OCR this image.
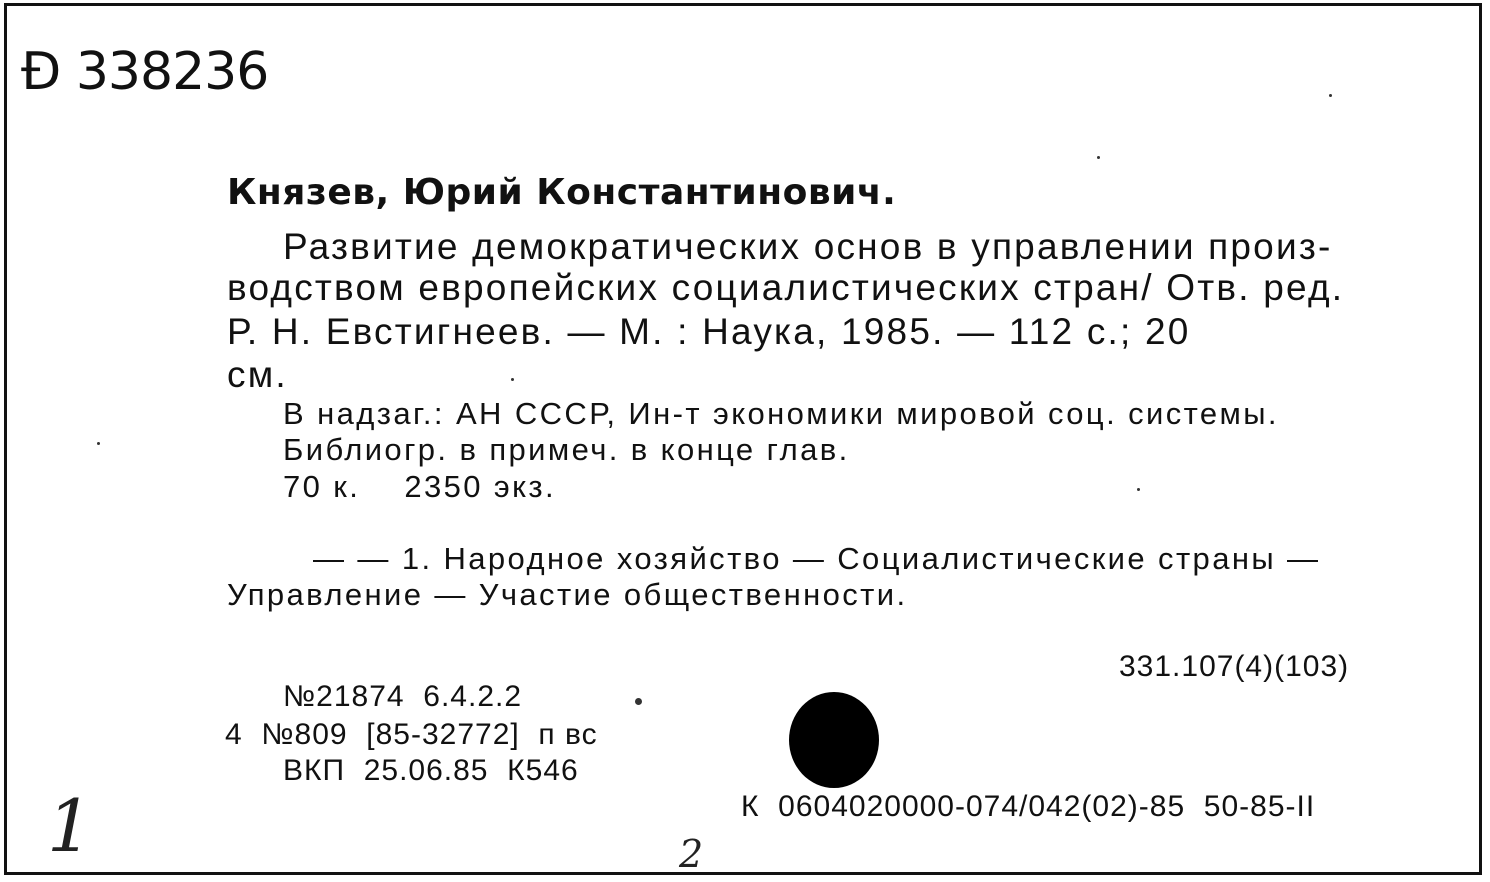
Ɖ 338236
Князев, Юрий Константинович.
Развитие демократических основ в управлении произ-
водством европейских социалистических стран/ Отв. ред.
Р. Н. Евстигнеев. — М. : Наука, 1985. — 112 с.; 20
см.
В надзаг.: АН СССР, Ин-т экономики мировой соц. системы.
Библиогр. в примеч. в конце глав.
70 к.    2350 экз.
— — 1. Народное хозяйство — Социалистические страны —
Управление — Участие общественности.
331.107(4)(103)
№21874  6.4.2.2
4  №809  [85-32772]  п вс
ВКП  25.06.85  К546
К  0604020000-074/042(02)-85  50-85-II
1	2
